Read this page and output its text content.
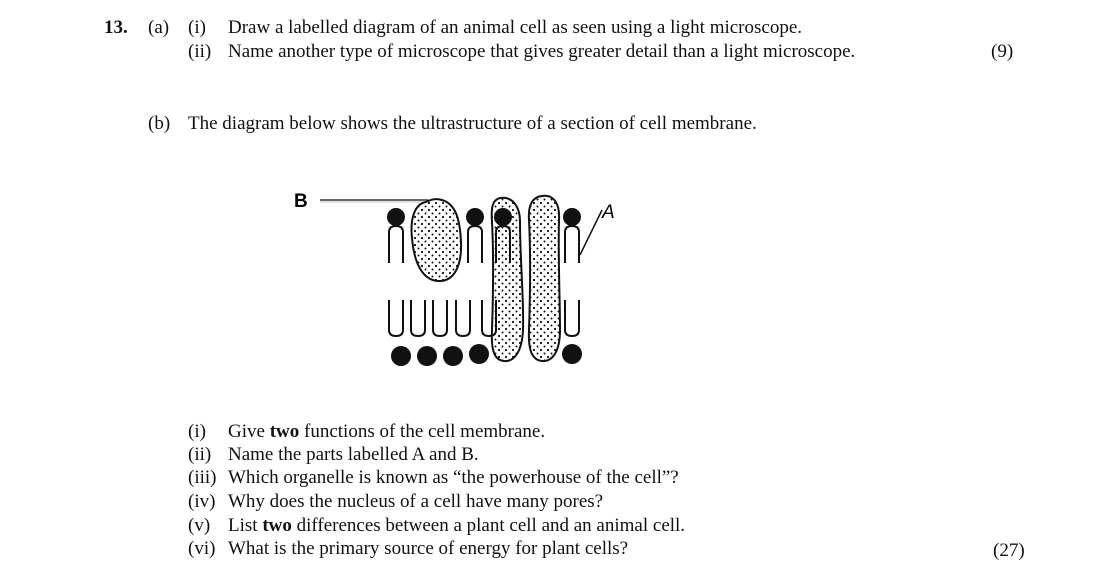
13. (a) (i) Draw a labelled diagram of an animal cell as seen using a light microscope.
(ii) Name another type of microscope that gives greater detail than a light microscope.	(9)
(b) The diagram below shows the ultrastructure of a section of cell membrane.
B
A
(i) Give two functions of the cell membrane.
(ii) Name the parts labelled A and B.
(iii) Which organelle is known as “the powerhouse of the cell”?
(iv) Why does the nucleus of a cell have many pores?
(v) List two differences between a plant cell and an animal cell.
(vi) What is the primary source of energy for plant cells?	(27)
